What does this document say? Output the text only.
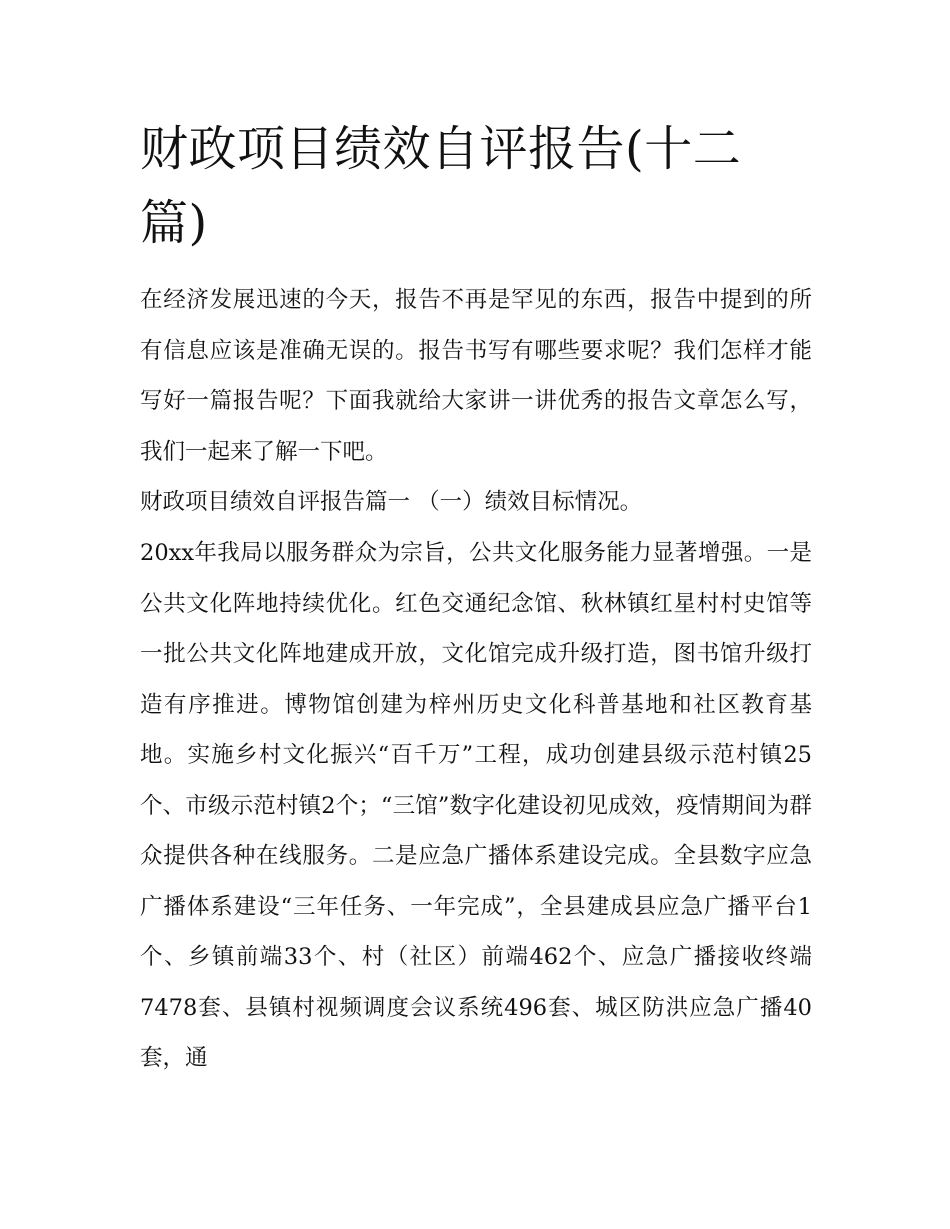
财政项目绩效自评报告(十二篇)

在经济发展迅速的今天，报告不再是罕见的东西，报告中提到的所有信息应该是准确无误的。报告书写有哪些要求呢？我们怎样才能写好一篇报告呢？下面我就给大家讲一讲优秀的报告文章怎么写，我们一起来了解一下吧。

财政项目绩效自评报告篇一 （一）绩效目标情况。

20xx年我局以服务群众为宗旨，公共文化服务能力显著增强。一是公共文化阵地持续优化。红色交通纪念馆、秋林镇红星村村史馆等一批公共文化阵地建成开放，文化馆完成升级打造，图书馆升级打造有序推进。博物馆创建为梓州历史文化科普基地和社区教育基地。实施乡村文化振兴“百千万”工程，成功创建县级示范村镇25个、市级示范村镇2个；“三馆”数字化建设初见成效，疫情期间为群众提供各种在线服务。二是应急广播体系建设完成。全县数字应急广播体系建设“三年任务、一年完成”，全县建成县应急广播平台1个、乡镇前端33个、村（社区）前端462个、应急广播接收终端7478套、县镇村视频调度会议系统496套、城区防洪应急广播40套，通
